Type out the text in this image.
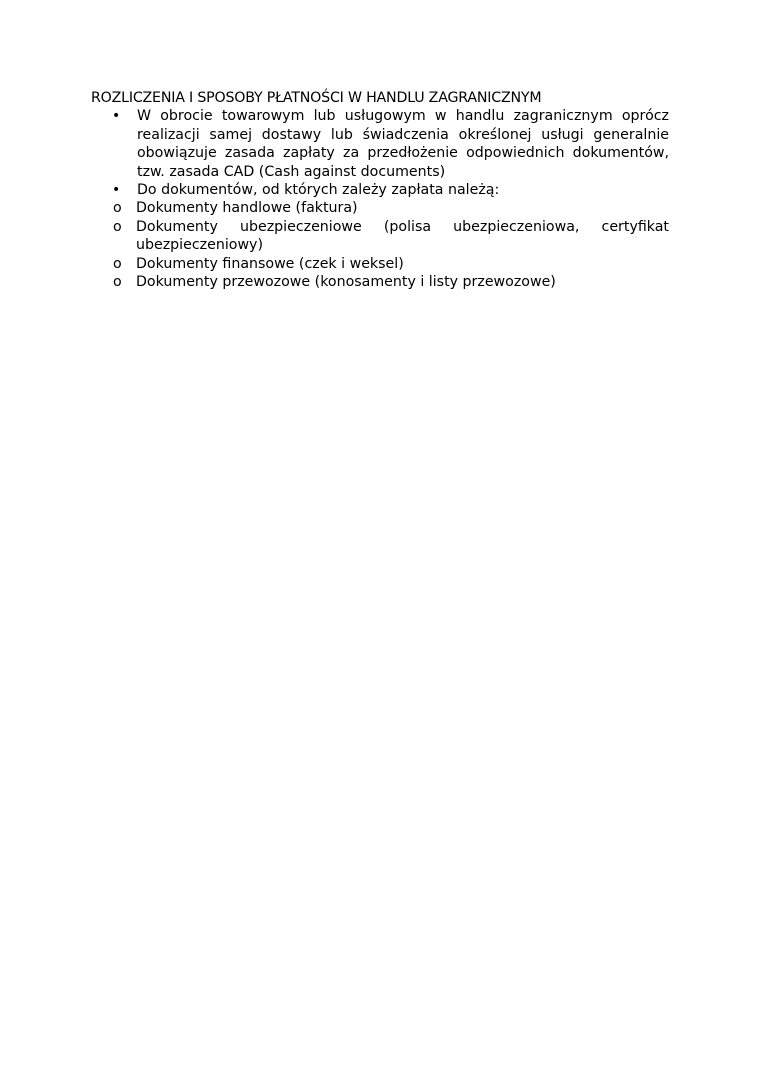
ROZLICZENIA I SPOSOBY PŁATNOŚCI W HANDLU ZAGRANICZNYM
• W obrocie towarowym lub usługowym w handlu zagranicznym oprócz realizacji samej dostawy lub świadczenia określonej usługi generalnie obowiązuje zasada zapłaty za przedłożenie odpowiednich dokumentów, tzw. zasada CAD (Cash against documents)
• Do dokumentów, od których zależy zapłata należą:
o Dokumenty handlowe (faktura)
o Dokumenty ubezpieczeniowe (polisa ubezpieczeniowa, certyfikat ubezpieczeniowy)
o Dokumenty finansowe (czek i weksel)
o Dokumenty przewozowe (konosamenty i listy przewozowe)
